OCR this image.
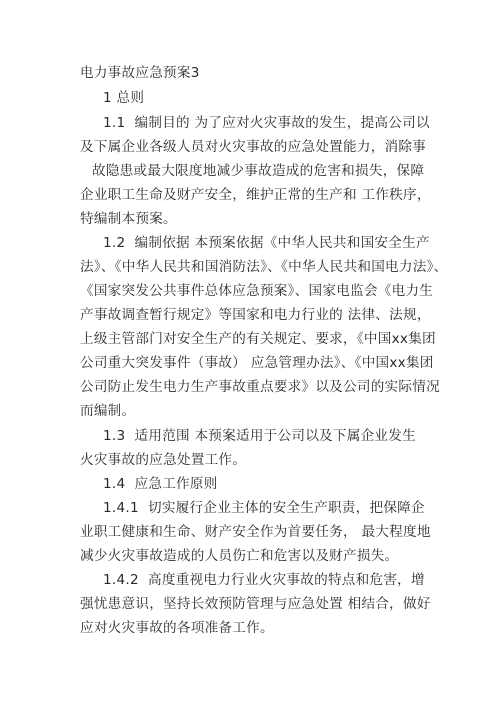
电力事故应急预案3
1 总则
1.1  编制目的 为了应对火灾事故的发生，提高公司以
及下属企业各级人员对火灾事故的应急处置能力，消除事
故隐患或最大限度地减少事故造成的危害和损失，保障
企业职工生命及财产安全，维护正常的生产和 工作秩序，
特编制本预案。
1.2  编制依据 本预案依据《中华人民共和国安全生产
法》、《中华人民共和国消防法》、《中华人民共和国电力法》、
《国家突发公共事件总体应急预案》、国家电监会《电力生
产事故调查暂行规定》等国家和电力行业的 法律、法规，
上级主管部门对安全生产的有关规定、要求，《中国xx集团
公司重大突发事件（事故） 应急管理办法》、《中国xx集团
公司防止发生电力生产事故重点要求》以及公司的实际情况
而编制。
1.3  适用范围 本预案适用于公司以及下属企业发生
火灾事故的应急处置工作。
1.4  应急工作原则
1.4.1  切实履行企业主体的安全生产职责，把保障企
业职工健康和生命、财产安全作为首要任务， 最大程度地
减少火灾事故造成的人员伤亡和危害以及财产损失。
1.4.2  高度重视电力行业火灾事故的特点和危害，增
强忧患意识，坚持长效预防管理与应急处置 相结合，做好
应对火灾事故的各项准备工作。
